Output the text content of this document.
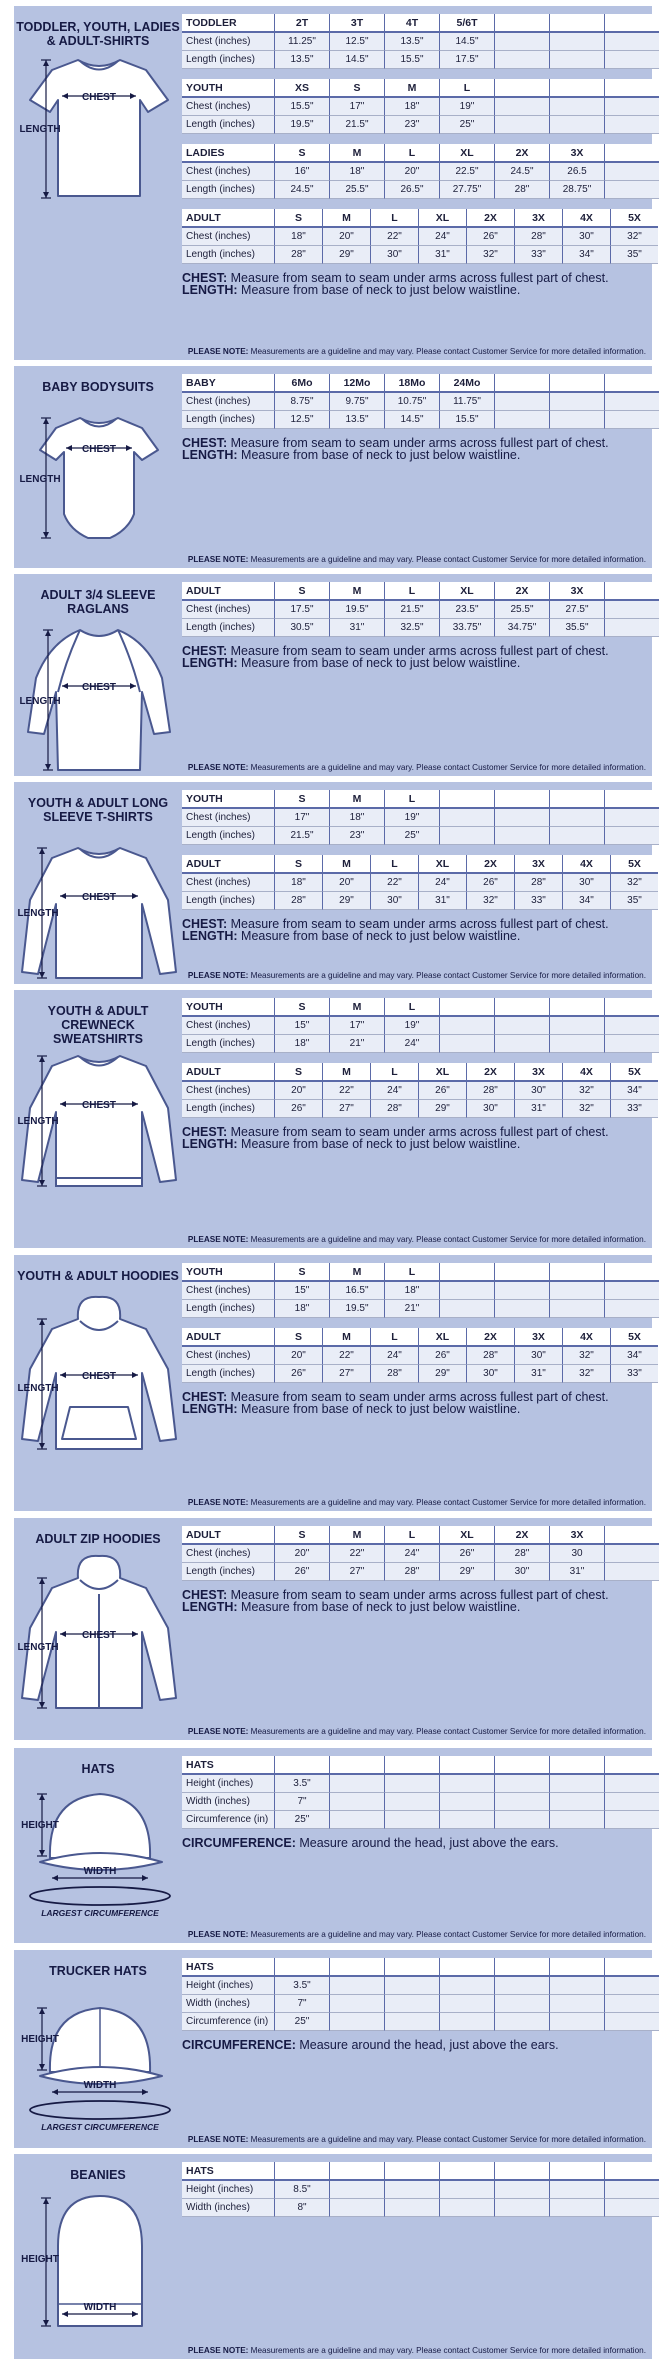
TODDLER, YOUTH, LADIES & ADULT-SHIRTS
CHEST
LENGTH
TODDLER	2T	3T	4T	5/6T			
Chest (inches)	11.25"	12.5"	13.5"	14.5"			
Length (inches)	13.5"	14.5"	15.5"	17.5"			
YOUTH	XS	S	M	L			
Chest (inches)	15.5"	17"	18"	19"			
Length (inches)	19.5"	21.5"	23"	25"			
LADIES	S	M	L	XL	2X	3X	
Chest (inches)	16"	18"	20"	22.5"	24.5"	26.5	
Length (inches)	24.5"	25.5"	26.5"	27.75"	28"	28.75"	
ADULT	S	M	L	XL	2X	3X	4X	5X
Chest (inches)	18"	20"	22"	24"	26"	28"	30"	32"
Length (inches)	28"	29"	30"	31"	32"	33"	34"	35"
CHEST: Measure from seam to seam under arms across fullest part of chest.
LENGTH: Measure from base of neck to just below waistline.
PLEASE NOTE: Measurements are a guideline and may vary. Please contact Customer Service for more detailed information.
BABY BODYSUITS
CHEST
LENGTH
BABY	6Mo	12Mo	18Mo	24Mo			
Chest (inches)	8.75"	9.75"	10.75"	11.75"			
Length (inches)	12.5"	13.5"	14.5"	15.5"			
CHEST: Measure from seam to seam under arms across fullest part of chest.
LENGTH: Measure from base of neck to just below waistline.
PLEASE NOTE: Measurements are a guideline and may vary. Please contact Customer Service for more detailed information.
ADULT 3/4 SLEEVE RAGLANS
CHEST
LENGTH
ADULT	S	M	L	XL	2X	3X	
Chest (inches)	17.5"	19.5"	21.5"	23.5"	25.5"	27.5"	
Length (inches)	30.5"	31"	32.5"	33.75"	34.75"	35.5"	
CHEST: Measure from seam to seam under arms across fullest part of chest.
LENGTH: Measure from base of neck to just below waistline.
PLEASE NOTE: Measurements are a guideline and may vary. Please contact Customer Service for more detailed information.
YOUTH & ADULT LONG SLEEVE T-SHIRTS
CHEST
LENGTH
YOUTH	S	M	L				
Chest (inches)	17"	18"	19"				
Length (inches)	21.5"	23"	25"				
ADULT	S	M	L	XL	2X	3X	4X	5X
Chest (inches)	18"	20"	22"	24"	26"	28"	30"	32"
Length (inches)	28"	29"	30"	31"	32"	33"	34"	35"
CHEST: Measure from seam to seam under arms across fullest part of chest.
LENGTH: Measure from base of neck to just below waistline.
PLEASE NOTE: Measurements are a guideline and may vary. Please contact Customer Service for more detailed information.
YOUTH & ADULT CREWNECK SWEATSHIRTS
CHEST
LENGTH
YOUTH	S	M	L				
Chest (inches)	15"	17"	19"				
Length (inches)	18"	21"	24"				
ADULT	S	M	L	XL	2X	3X	4X	5X
Chest (inches)	20"	22"	24"	26"	28"	30"	32"	34"
Length (inches)	26"	27"	28"	29"	30"	31"	32"	33"
CHEST: Measure from seam to seam under arms across fullest part of chest.
LENGTH: Measure from base of neck to just below waistline.
PLEASE NOTE: Measurements are a guideline and may vary. Please contact Customer Service for more detailed information.
YOUTH & ADULT HOODIES
CHEST
LENGTH
YOUTH	S	M	L				
Chest (inches)	15"	16.5"	18"				
Length (inches)	18"	19.5"	21"				
ADULT	S	M	L	XL	2X	3X	4X	5X
Chest (inches)	20"	22"	24"	26"	28"	30"	32"	34"
Length (inches)	26"	27"	28"	29"	30"	31"	32"	33"
CHEST: Measure from seam to seam under arms across fullest part of chest.
LENGTH: Measure from base of neck to just below waistline.
PLEASE NOTE: Measurements are a guideline and may vary. Please contact Customer Service for more detailed information.
ADULT ZIP HOODIES
CHEST
LENGTH
ADULT	S	M	L	XL	2X	3X	
Chest (inches)	20"	22"	24"	26"	28"	30	
Length (inches)	26"	27"	28"	29"	30"	31"	
CHEST: Measure from seam to seam under arms across fullest part of chest.
LENGTH: Measure from base of neck to just below waistline.
PLEASE NOTE: Measurements are a guideline and may vary. Please contact Customer Service for more detailed information.
HATS
HEIGHT
WIDTH
LARGEST CIRCUMFERENCE
HATS							
Height (inches)	3.5"						
Width (inches)	7"						
Circumference (in)	25"						
CIRCUMFERENCE: Measure around the head, just above the ears.
PLEASE NOTE: Measurements are a guideline and may vary. Please contact Customer Service for more detailed information.
TRUCKER HATS
HEIGHT
WIDTH
LARGEST CIRCUMFERENCE
HATS							
Height (inches)	3.5"						
Width (inches)	7"						
Circumference (in)	25"						
CIRCUMFERENCE: Measure around the head, just above the ears.
PLEASE NOTE: Measurements are a guideline and may vary. Please contact Customer Service for more detailed information.
BEANIES
HEIGHT
WIDTH
HATS							
Height (inches)	8.5"						
Width (inches)	8"						
PLEASE NOTE: Measurements are a guideline and may vary. Please contact Customer Service for more detailed information.
